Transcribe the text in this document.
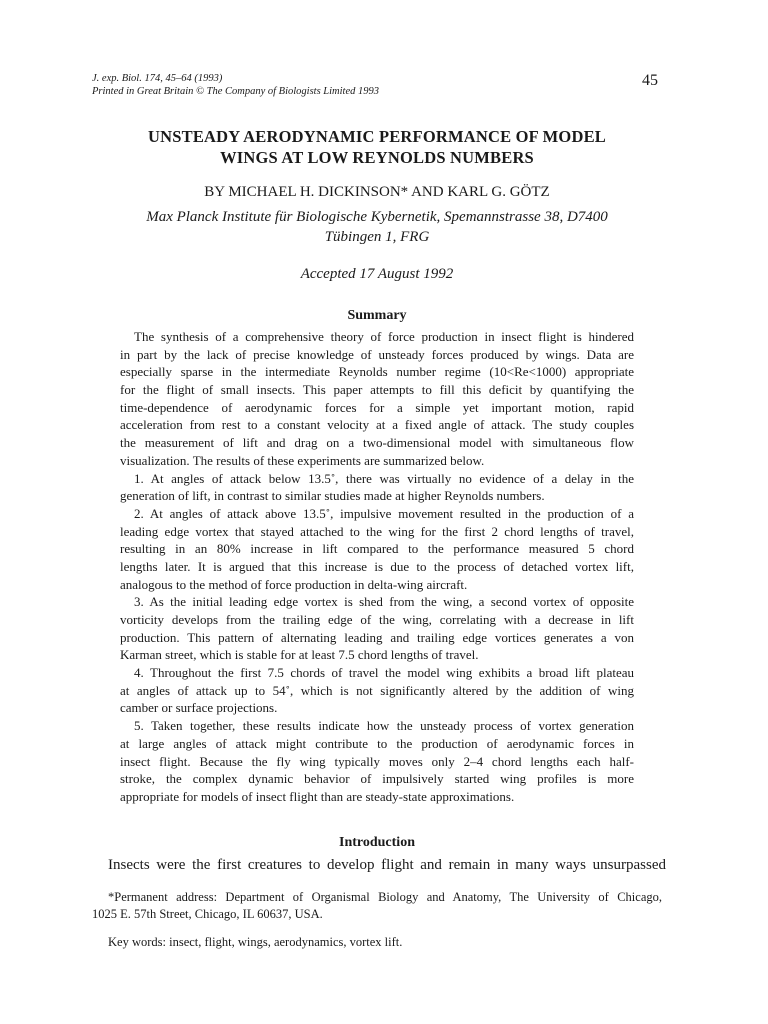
J. exp. Biol. 174, 45–64 (1993)
Printed in Great Britain © The Company of Biologists Limited 1993
45
UNSTEADY AERODYNAMIC PERFORMANCE OF MODEL
WINGS AT LOW REYNOLDS NUMBERS
BY MICHAEL H. DICKINSON* AND KARL G. GÖTZ
Max Planck Institute für Biologische Kybernetik, Spemannstrasse 38, D7400
Tübingen 1, FRG
Accepted 17 August 1992
Summary
The synthesis of a comprehensive theory of force production in insect flight is hindered
in part by the lack of precise knowledge of unsteady forces produced by wings. Data are
especially sparse in the intermediate Reynolds number regime (10<Re<1000) appropriate
for the flight of small insects. This paper attempts to fill this deficit by quantifying the
time-dependence of aerodynamic forces for a simple yet important motion, rapid
acceleration from rest to a constant velocity at a fixed angle of attack. The study couples
the measurement of lift and drag on a two-dimensional model with simultaneous flow
visualization. The results of these experiments are summarized below.
1. At angles of attack below 13.5˚, there was virtually no evidence of a delay in the
generation of lift, in contrast to similar studies made at higher Reynolds numbers.
2. At angles of attack above 13.5˚, impulsive movement resulted in the production of a
leading edge vortex that stayed attached to the wing for the first 2 chord lengths of travel,
resulting in an 80% increase in lift compared to the performance measured 5 chord
lengths later. It is argued that this increase is due to the process of detached vortex lift,
analogous to the method of force production in delta-wing aircraft.
3. As the initial leading edge vortex is shed from the wing, a second vortex of opposite
vorticity develops from the trailing edge of the wing, correlating with a decrease in lift
production. This pattern of alternating leading and trailing edge vortices generates a von
Karman street, which is stable for at least 7.5 chord lengths of travel.
4. Throughout the first 7.5 chords of travel the model wing exhibits a broad lift plateau
at angles of attack up to 54˚, which is not significantly altered by the addition of wing
camber or surface projections.
5. Taken together, these results indicate how the unsteady process of vortex generation
at large angles of attack might contribute to the production of aerodynamic forces in
insect flight. Because the fly wing typically moves only 2–4 chord lengths each half-
stroke, the complex dynamic behavior of impulsively started wing profiles is more
appropriate for models of insect flight than are steady-state approximations.
Introduction
Insects were the first creatures to develop flight and remain in many ways unsurpassed
*Permanent address: Department of Organismal Biology and Anatomy, The University of Chicago,
1025 E. 57th Street, Chicago, IL 60637, USA.
Key words: insect, flight, wings, aerodynamics, vortex lift.
